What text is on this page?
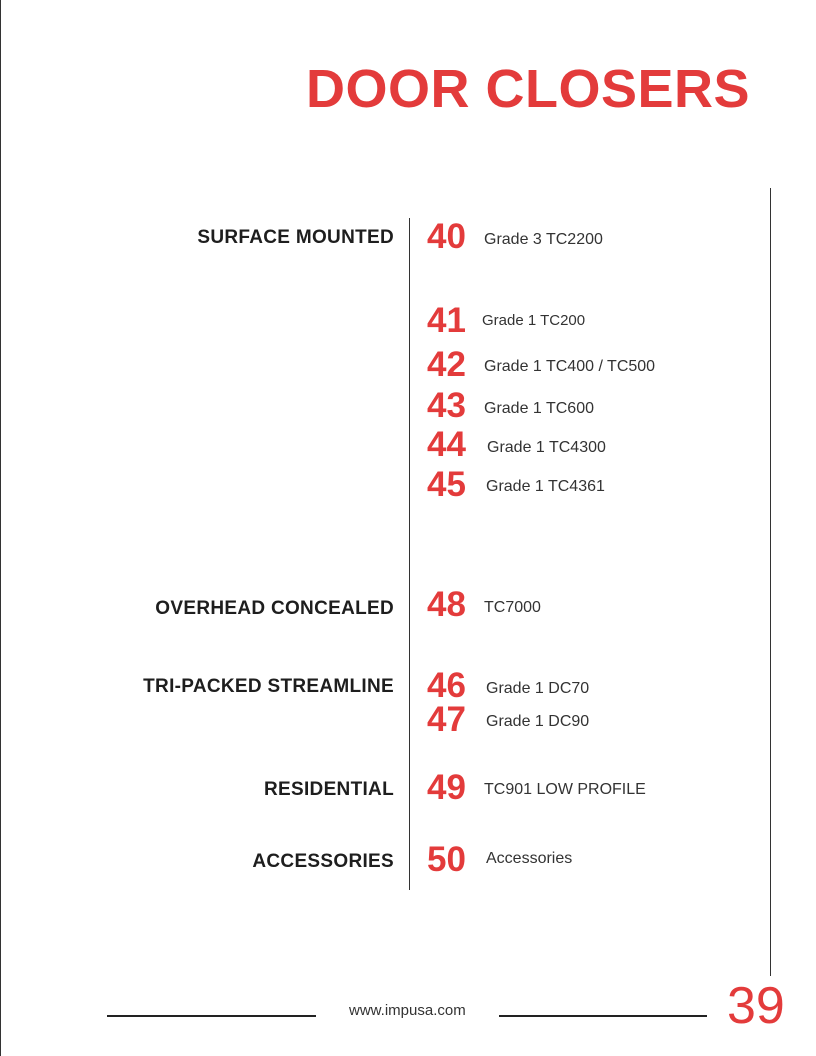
DOOR CLOSERS
SURFACE MOUNTED
OVERHEAD CONCEALED
TRI-PACKED STREAMLINE
RESIDENTIAL
ACCESSORIES
40 Grade 3 TC2200
41 Grade 1 TC200
42 Grade 1 TC400 / TC500
43 Grade 1 TC600
44 Grade 1 TC4300
45 Grade 1 TC4361
48 TC7000
46 Grade 1 DC70
47 Grade 1 DC90
49 TC901 LOW PROFILE
50 Accessories
www.impusa.com	39
